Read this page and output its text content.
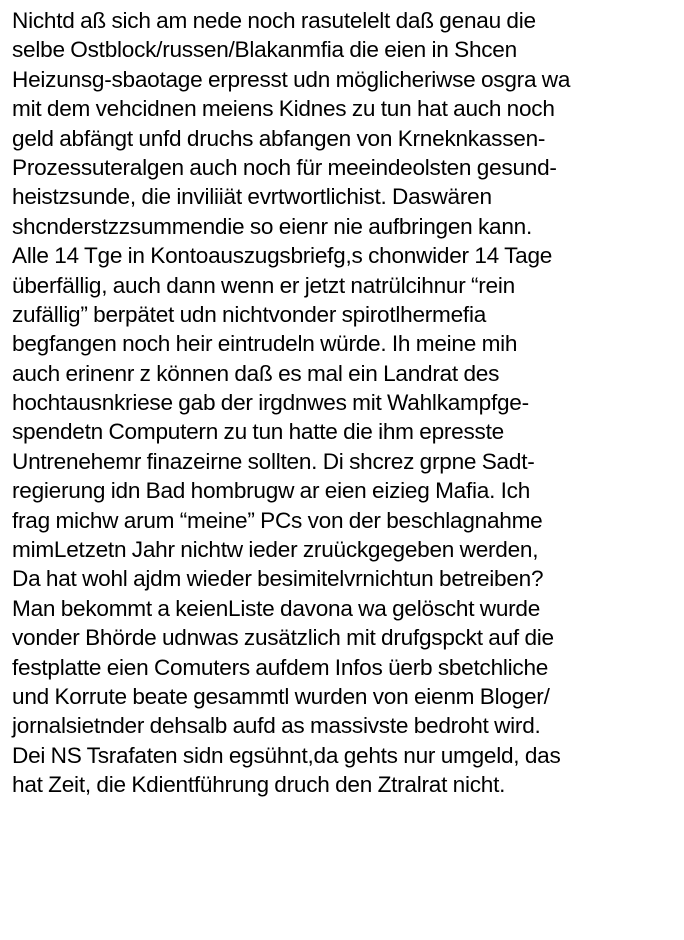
Nichtd aß sich am nede noch rasutelelt daß genau die
selbe Ostblock/russen/Blakanmfia die eien in Shcen
Heizunsg-sbaotage erpresst udn möglicheriwse osgra wa
mit dem vehcidnen meiens Kidnes zu tun hat auch noch
geld abfängt unfd druchs abfangen von Krneknkassen-
Prozessuteralgen auch noch für meeindeolsten gesund-
heistzsunde, die inviliiät evrtwortlichist. Daswären
shcnderstzzsummendie so eienr nie aufbringen kann.
Alle 14 Tge in Kontoauszugsbriefg,s chonwider 14 Tage
überfällig, auch dann wenn er jetzt natrülcihnur “rein
zufällig” berpätet udn nichtvonder spirotlhermefia
begfangen noch heir eintrudeln würde. Ih meine mih
auch erinenr z können daß es mal ein Landrat des
hochtausnkriese gab der irgdnwes mit Wahlkampfge-
spendetn Computern zu tun hatte die ihm epresste
Untrenehemr finazeirne sollten. Di shcrez grpne Sadt-
regierung idn Bad hombrugw ar eien eizieg Mafia. Ich
frag michw arum “meine” PCs von der beschlagnahme
mimLetzetn Jahr nichtw ieder zruückgegeben werden,
Da hat wohl ajdm wieder besimitelvrnichtun betreiben?
Man bekommt a keienListe davona wa gelöscht wurde
vonder Bhörde udnwas zusätzlich mit drufgspckt auf die
festplatte eien Comuters aufdem Infos üerb sbetchliche
und Korrute beate gesammtl wurden von eienm Bloger/
jornalsietnder dehsalb aufd as massivste bedroht wird.
Dei NS Tsrafaten sidn egsühnt,da gehts nur umgeld, das
hat Zeit, die Kdientführung druch den Ztralrat nicht.
